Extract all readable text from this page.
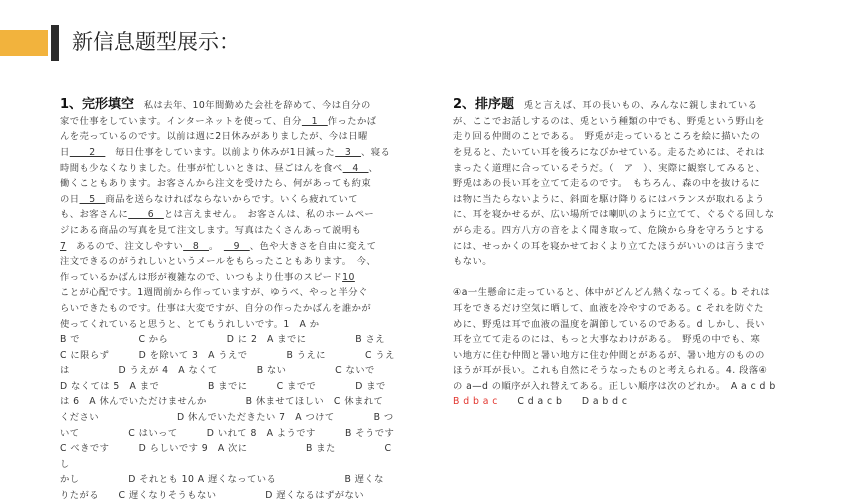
新信息题型展示：

1、完形填空　私は去年、10年間勤めた会社を辞めて、今は自分の
家で仕事をしています。インターネットを使って、自分　1　作ったかば
んを売っているのです。以前は週に2日休みがありましたが、今は日曜
日　　2　　毎日仕事をしています。以前より休みが1日減った　3　、寝る
時間も少なくなりました。仕事が忙しいときは、昼ごはんを食べ　4　、
働くこともあります。お客さんから注文を受けたら、何があっても約束
の日　5　商品を送らなければならないからです。いくら疲れていて
も、お客さんに　　6　とは言えません。　お客さんは、私のホームペー
ジにある商品の写真を見て注文します。写真はたくさんあって説明も
7　あるので、注文しやすい　8　。　　9　、色や大きさを自由に変えて
注文できるのがうれしいというメールをもらったこともあります。　今、
作っているかばんは形が複雑なので、いつもより仕事のスピード10
ことが心配です。1週間前から作っていますが、ゆうべ、やっと半分ぐ
らいできたものです。仕事は大変ですが、自分の作ったかばんを誰かが
使ってくれていると思うと、とてもうれしいです。1　A か
B で　　　　　　C から　　　　　　D に 2　A までに　　　　　B さえ
C に限らず　　　D を除いて 3　A うえで　　　　B うえに　　　　C うえ
は　　　　　D うえが 4　A なくて　　　　B ない　　　　　C ないで
D なくては 5　A まで　　　　　B までに　　　C までで　　　　D まで
は 6　A 休んでいただけませんか　　　　B 休ませてほしい　C 休まれて
ください　　　　　　　　D 休んでいただきたい 7　A つけて　　　　B つ
いて　　　　　C はいって　　　D いれて 8　A ようです　　　B そうです
C べきです　　　D らしいです 9　A 次に　　　　　　B また　　　　　C し
かし　　　　　D それとも 10 A 遅くなっている　　　　　　　B 遅くな
りたがる　　C 遅くなりそうもない　　　　　D 遅くなるはずがない

2、排序题　兎と言えば、耳の長いもの、みんなに親しまれている
が、ここでお話しするのは、兎という種類の中でも、野兎という野山を
走り回る仲間のことである。　野兎が走っているところを絵に描いたの
を見ると、たいてい耳を後ろになびかせている。走るためには、それは
まったく道理に合っているそうだ。（　ア　）、実際に観察してみると、
野兎はあの長い耳を立てて走るのです。　もちろん、森の中を抜けるに
は物に当たらないように、斜面を駆け降りるにはバランスが取れるよう
に、耳を寝かせるが、広い場所では喇叭のように立てて、ぐるぐる回しな
がら走る。四方八方の音をよく聞き取って、危険から身を守ろうとする
には、せっかくの耳を寝かせておくより立てたほうがいいのは言うまで
もない。

④a一生懸命に走っていると、体中がどんどん熱くなってくる。b それは
耳をできるだけ空気に晒して、血液を冷やすのである。c それを防ぐた
めに、野兎は耳で血液の温度を調節しているのである。d しかし、長い
耳を立てて走るのには、もっと大事なわけがある。　野兎の中でも、寒
い地方に住む仲間と暑い地方に住む仲間とがあるが、暑い地方のものの
ほうが耳が長い。これも自然にそうなったものと考えられる。4. 段落④
の a—d の順序が入れ替えてある。正しい順序は次のどれか。　A a c d b
B d b a c　　C d a c b　　D a b d c
